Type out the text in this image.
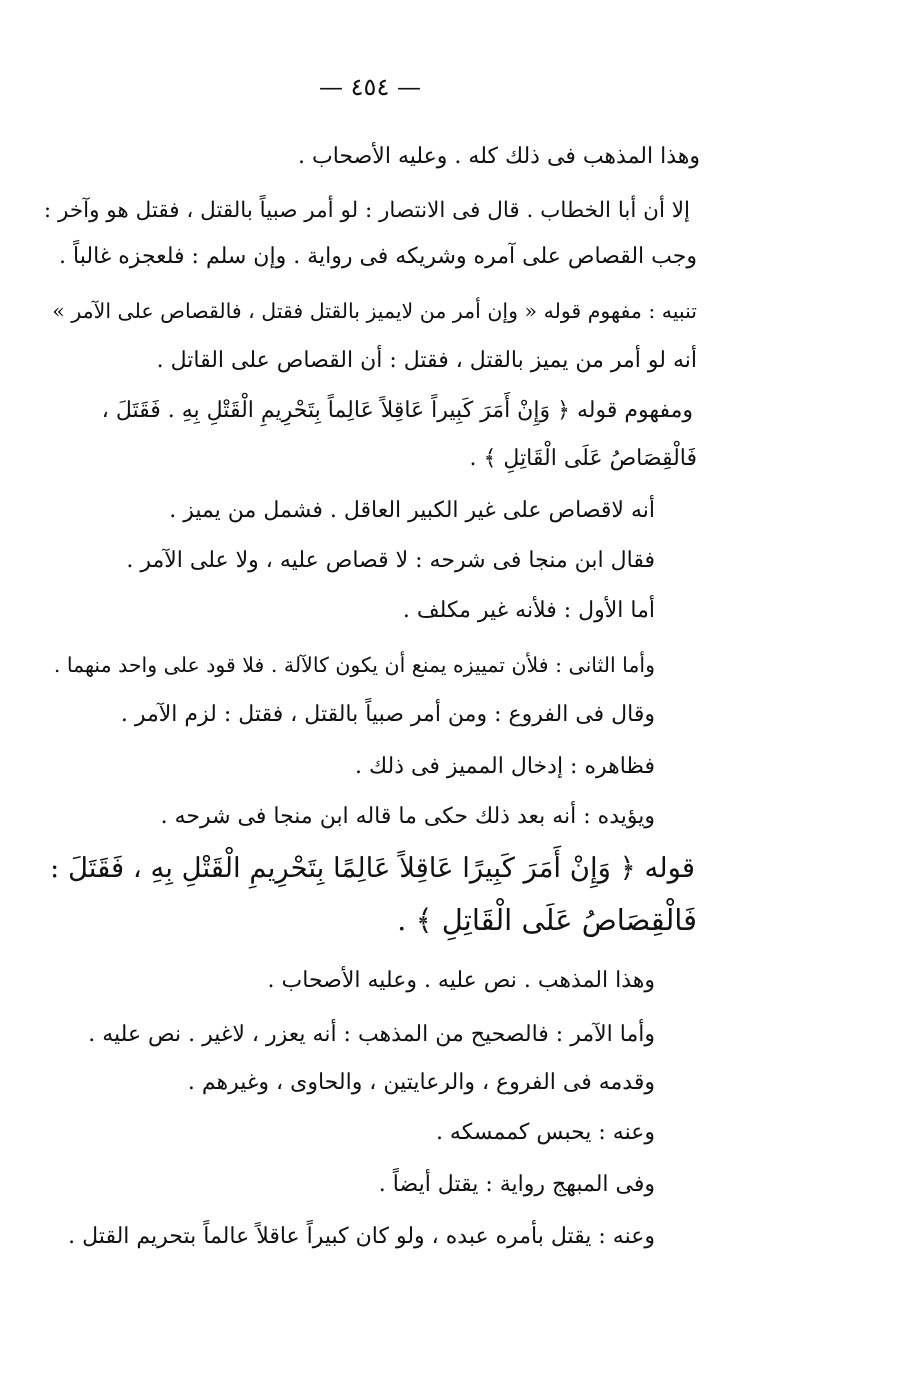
— ٤٥٤ —
وهذا المذهب فى ذلك كله . وعليه الأصحاب .
إلا أن أبا الخطاب . قال فى الانتصار : لو أمر صبياً بالقتل ، فقتل هو وآخر :
وجب القصاص على آمره وشريكه فى رواية . وإن سلم : فلعجزه غالباً .
تنبيه : مفهوم قوله « وإن أمر من لايميز بالقتل فقتل ، فالقصاص على الآمر »
أنه لو أمر من يميز بالقتل ، فقتل : أن القصاص على القاتل .
ومفهوم قوله ﴿ وَإِنْ أَمَرَ كَبِيراً عَاقِلاً عَالِماً بِتَحْرِيمِ الْقَتْلِ بِهِ . فَقَتَلَ ،
فَالْقِصَاصُ عَلَى الْقَاتِلِ ﴾ .
أنه لاقصاص على غير الكبير العاقل . فشمل من يميز .
فقال ابن منجا فى شرحه : لا قصاص عليه ، ولا على الآمر .
أما الأول : فلأنه غير مكلف .
وأما الثانى : فلأن تمييزه يمنع أن يكون كالآلة . فلا قود على واحد منهما .
وقال فى الفروع : ومن أمر صبياً بالقتل ، فقتل : لزم الآمر .
فظاهره : إدخال المميز فى ذلك .
ويؤيده : أنه بعد ذلك حكى ما قاله ابن منجا فى شرحه .
قوله ﴿ وَإِنْ أَمَرَ كَبِيرًا عَاقِلاً عَالِمًا بِتَحْرِيمِ الْقَتْلِ بِهِ ، فَقَتَلَ :
فَالْقِصَاصُ عَلَى الْقَاتِلِ ﴾ .
وهذا المذهب . نص عليه . وعليه الأصحاب .
وأما الآمر : فالصحيح من المذهب : أنه يعزر ، لاغير . نص عليه .
وقدمه فى الفروع ، والرعايتين ، والحاوى ، وغيرهم .
وعنه : يحبس كممسكه .
وفى المبهج رواية : يقتل أيضاً .
وعنه : يقتل بأمره عبده ، ولو كان كبيراً عاقلاً عالماً بتحريم القتل .
